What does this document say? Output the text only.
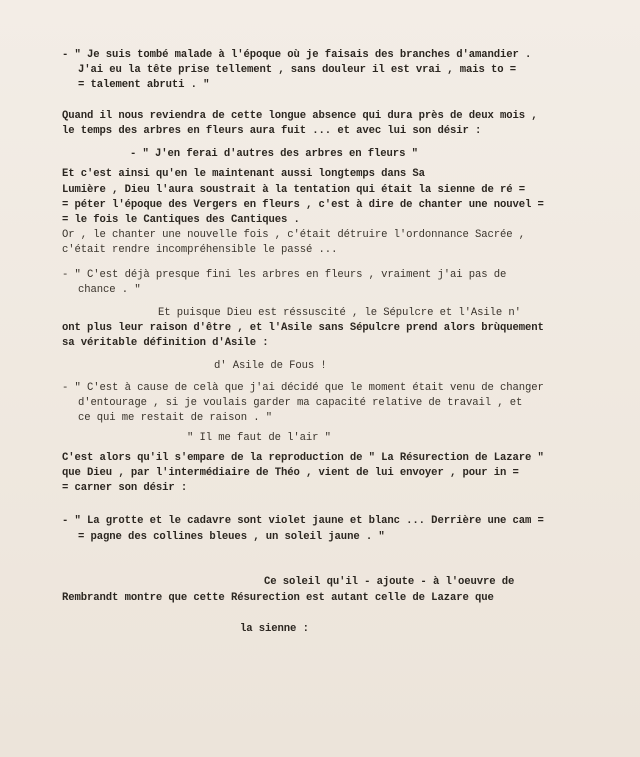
- " Je suis tombé malade à l'époque où je faisais des branches d'amandier .
J'ai eu la tête prise tellement , sans douleur il est vrai , mais to =
= talement abruti . "
Quand il nous reviendra de cette longue absence qui dura près de deux mois ,
le temps des arbres en fleurs aura fuit ... et avec lui son désir :
- " J'en ferai d'autres des arbres en fleurs "
Et c'est ainsi qu'en le maintenant aussi longtemps dans Sa
Lumière , Dieu l'aura soustrait à la tentation qui était la sienne de ré =
= péter l'époque des Vergers en fleurs , c'est à dire de chanter une nouvel =
= le fois le Cantiques des Cantiques .
Or , le chanter une nouvelle fois , c'était détruire l'ordonnance Sacrée ,
c'était rendre incompréhensible le passé ...
- " C'est déjà presque fini les arbres en fleurs , vraiment j'ai pas de
chance . "
Et puisque Dieu est réssuscité , le Sépulcre et l'Asile n'
ont plus leur raison d'être , et l'Asile sans Sépulcre prend alors brùquement
sa véritable définition d'Asile :
d' Asile de Fous !
- " C'est à cause de celà que j'ai décidé que le moment était venu de changer
d'entourage , si je voulais garder ma capacité relative de travail , et
ce qui me restait de raison . "
" Il me faut de l'air "
C'est alors qu'il s'empare de la reproduction de " La Résurection de Lazare "
que Dieu , par l'intermédiaire de Théo , vient de lui envoyer , pour in =
= carner son désir :
- " La grotte et le cadavre sont violet jaune et blanc ... Derrière une cam =
= pagne des collines bleues , un soleil jaune . "
Ce soleil qu'il - ajoute - à l'oeuvre de
Rembrandt montre que cette Résurection est autant celle de Lazare que
la sienne :
